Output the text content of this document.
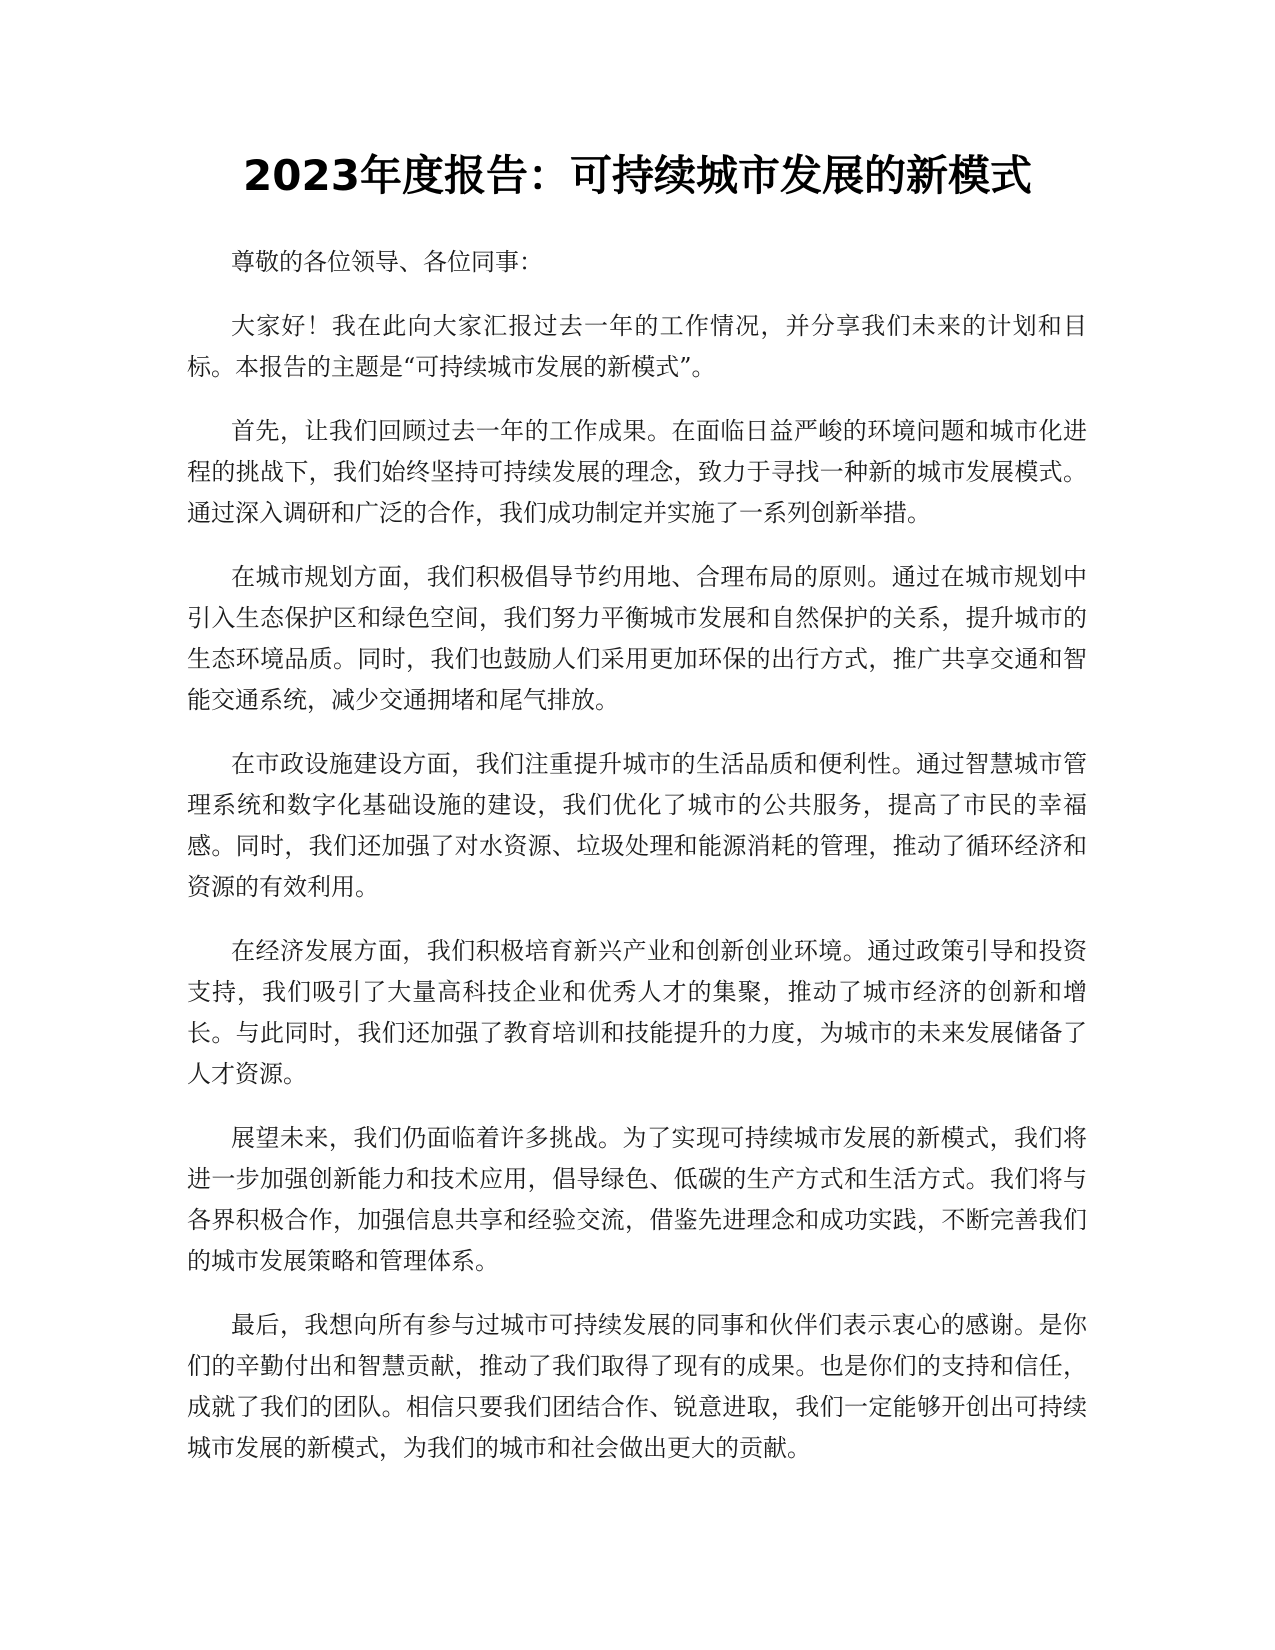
2023年度报告：可持续城市发展的新模式

尊敬的各位领导、各位同事：

大家好！我在此向大家汇报过去一年的工作情况，并分享我们未来的计划和目标。本报告的主题是“可持续城市发展的新模式”。

首先，让我们回顾过去一年的工作成果。在面临日益严峻的环境问题和城市化进程的挑战下，我们始终坚持可持续发展的理念，致力于寻找一种新的城市发展模式。通过深入调研和广泛的合作，我们成功制定并实施了一系列创新举措。

在城市规划方面，我们积极倡导节约用地、合理布局的原则。通过在城市规划中引入生态保护区和绿色空间，我们努力平衡城市发展和自然保护的关系，提升城市的生态环境品质。同时，我们也鼓励人们采用更加环保的出行方式，推广共享交通和智能交通系统，减少交通拥堵和尾气排放。

在市政设施建设方面，我们注重提升城市的生活品质和便利性。通过智慧城市管理系统和数字化基础设施的建设，我们优化了城市的公共服务，提高了市民的幸福感。同时，我们还加强了对水资源、垃圾处理和能源消耗的管理，推动了循环经济和资源的有效利用。

在经济发展方面，我们积极培育新兴产业和创新创业环境。通过政策引导和投资支持，我们吸引了大量高科技企业和优秀人才的集聚，推动了城市经济的创新和增长。与此同时，我们还加强了教育培训和技能提升的力度，为城市的未来发展储备了人才资源。

展望未来，我们仍面临着许多挑战。为了实现可持续城市发展的新模式，我们将进一步加强创新能力和技术应用，倡导绿色、低碳的生产方式和生活方式。我们将与各界积极合作，加强信息共享和经验交流，借鉴先进理念和成功实践，不断完善我们的城市发展策略和管理体系。

最后，我想向所有参与过城市可持续发展的同事和伙伴们表示衷心的感谢。是你们的辛勤付出和智慧贡献，推动了我们取得了现有的成果。也是你们的支持和信任，成就了我们的团队。相信只要我们团结合作、锐意进取，我们一定能够开创出可持续城市发展的新模式，为我们的城市和社会做出更大的贡献。
